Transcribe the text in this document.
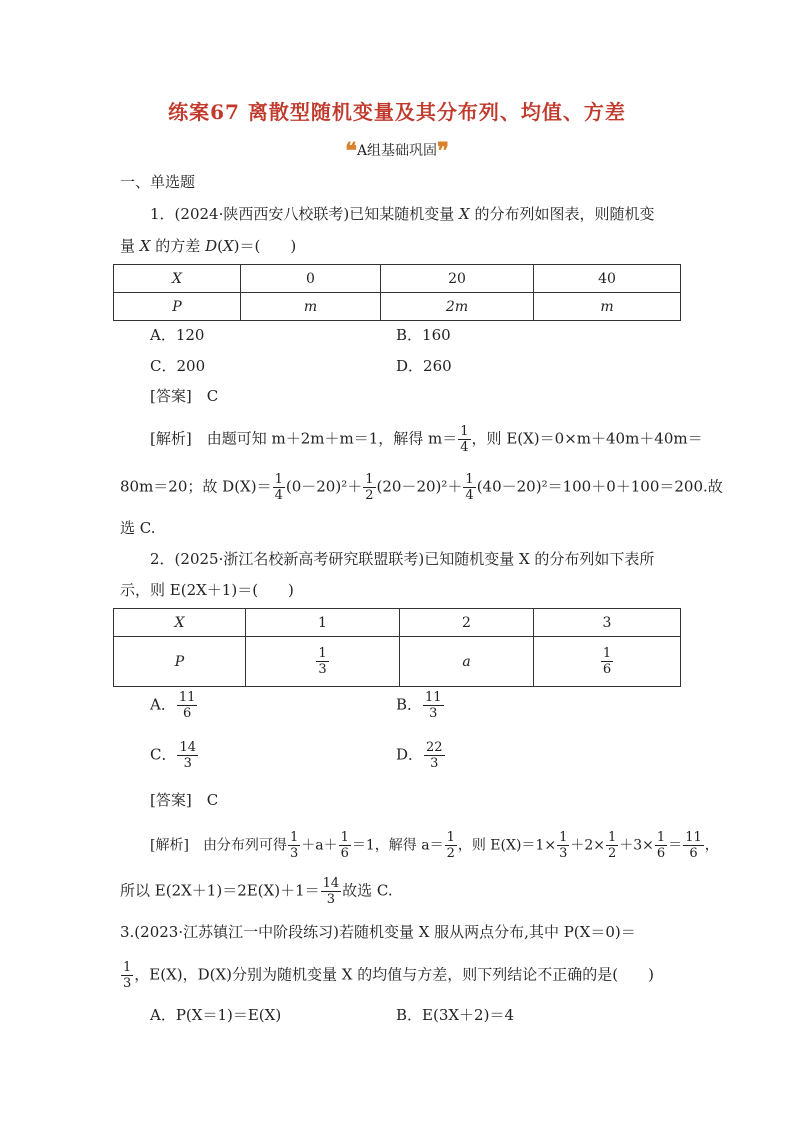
练案67 离散型随机变量及其分布列、均值、方差
❝A组基础巩固❞
一、单选题
1．(2024·陕西西安八校联考)已知某随机变量 X 的分布列如图表，则随机变
量 X 的方差 D(X)＝(　　)
X	0	20	40
P	m	2m	m
A．120	B．160
C．200	D．260
[答案]　 C
[解析]　 由题可知 m＋2m＋m＝1，解得 $m= \frac{1}{4}$ ，则 E(X)＝0×m＋40m＋40m＝
80m＝20；故 $D(X)= \frac{1}{4} (0-20)^2+ \frac{1}{2} (20-20)^2+ \frac{1}{4} (40-20)^2=100+0+100=200$.故
选 C.
2．(2025·浙江名校新高考研究联盟联考)已知随机变量 X 的分布列如下表所
示，则 E(2X＋1)＝(　　)
X	1	2	3
P	$\frac{1}{3}$	a	$\frac{1}{6}$
A． $\frac{11}{6}$	B． $\frac{11}{3}$
C． $\frac{14}{3}$	D． $\frac{22}{3}$
[答案]　 C
[解析]　 由分布列可得 $\frac{1}{3} +a+ \frac{1}{6} =1$，解得 $a= \frac{1}{2}$ ，则 $E(X)=1\times \frac{1}{3} +2\times \frac{1}{2} +3\times \frac{1}{6} = \frac{11}{6}$ ，
所以 $E(2X+1)=2E(X)+1= \frac{14}{3}$ 故选 C.
3.(2023·江苏镇江一中阶段练习)若随机变量 X 服从两点分布,其中 P(X＝0)＝
$\frac{1}{3}$ ，E(X)，D(X)分别为随机变量 X 的均值与方差，则下列结论不正确的是(　　)
A．P(X＝1)＝E(X)	B．E(3X＋2)＝4
